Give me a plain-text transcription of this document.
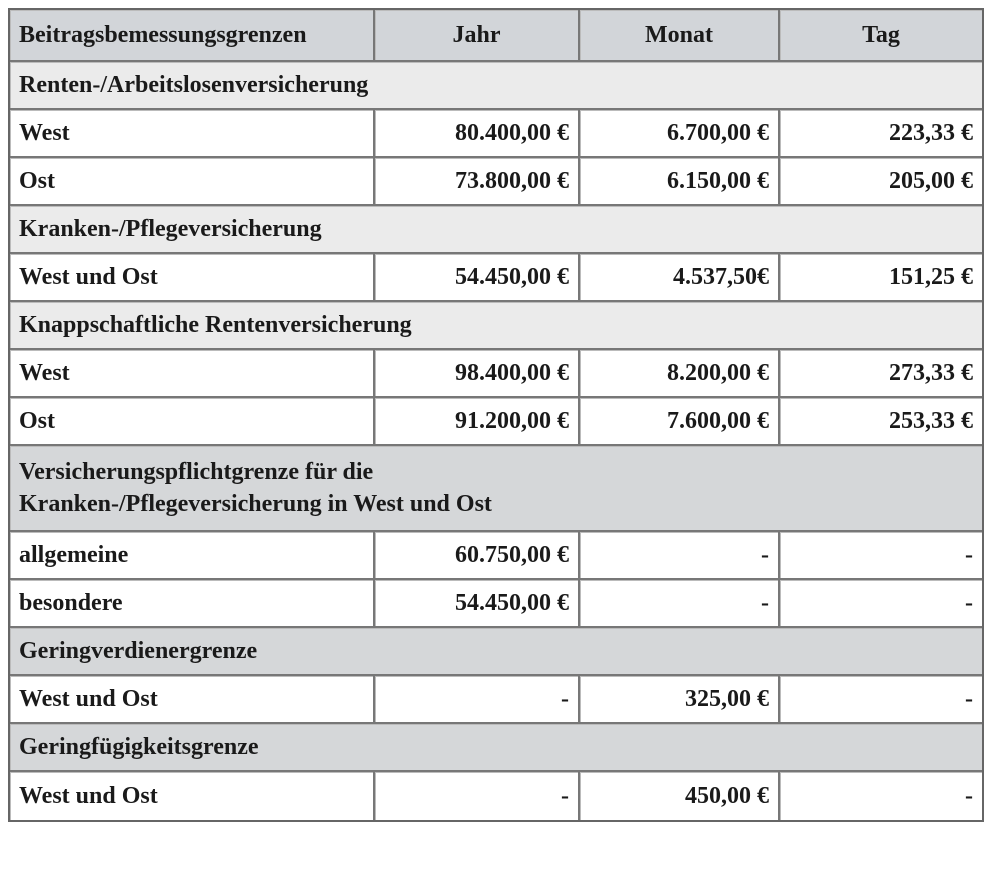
Beitragsbemessungsgrenzen	Jahr	Monat	Tag
Renten-/Arbeitslosenversicherung			
West	80.400,00 €	6.700,00 €	223,33 €
Ost	73.800,00 €	6.150,00 €	205,00 €
Kranken-/Pflegeversicherung			
West und Ost	54.450,00 €	4.537,50€	151,25 €
Knappschaftliche Rentenversicherung			
West	98.400,00 €	8.200,00 €	273,33 €
Ost	91.200,00 €	7.600,00 €	253,33 €

Versicherungspflichtgrenze für die
Kranken-/Pflegeversicherung in West und Ost			

allgemeine	60.750,00 €	-	-
besondere	54.450,00 €	-	-
Geringverdienergrenze			
West und Ost	-	325,00 €	-
Geringfügigkeitsgrenze			
West und Ost	-	450,00 €	-
